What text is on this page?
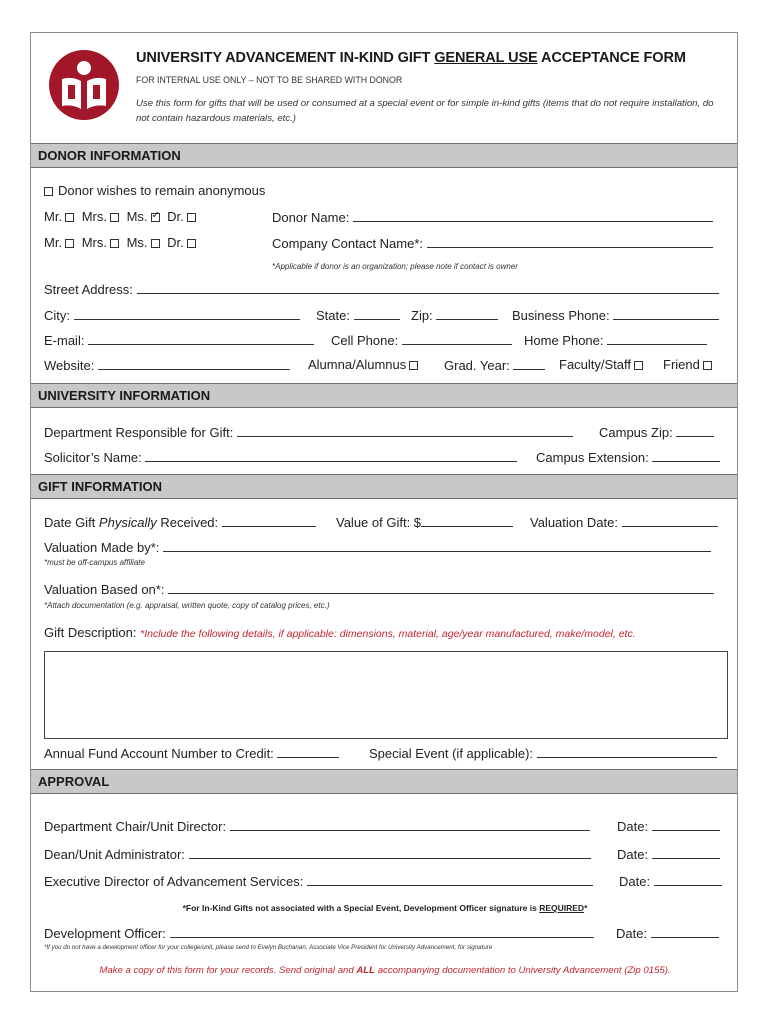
UNIVERSITY ADVANCEMENT IN-KIND GIFT GENERAL USE ACCEPTANCE FORM
FOR INTERNAL USE ONLY – NOT TO BE SHARED WITH DONOR
Use this form for gifts that will be used or consumed at a special event or for simple in-kind gifts (items that do not require installation, do not contain hazardous materials, etc.)
DONOR INFORMATION
Donor wishes to remain anonymous
Mr. Mrs. Ms. ✓ Dr.	Donor Name:
Mr. Mrs. Ms. Dr.	Company Contact Name*:
*Applicable if donor is an organization; please note if contact is owner
Street Address:
City:	State:	Zip:	Business Phone:
E-mail:	Cell Phone:	Home Phone:
Website:	Alumna/Alumnus	Grad. Year:	Faculty/Staff	Friend
UNIVERSITY INFORMATION
Department Responsible for Gift:	Campus Zip:
Solicitor’s Name:	Campus Extension:
GIFT INFORMATION
Date Gift Physically Received:	Value of Gift: $	Valuation Date:
Valuation Made by*:
*must be off-campus affiliate
Valuation Based on*:
*Attach documentation (e.g. appraisal, written quote, copy of catalog prices, etc.)
Gift Description: *Include the following details, if applicable: dimensions, material, age/year manufactured, make/model, etc.
Annual Fund Account Number to Credit:	Special Event (if applicable):
APPROVAL
Department Chair/Unit Director:	Date:
Dean/Unit Administrator:	Date:
Executive Director of Advancement Services:	Date:
*For In-Kind Gifts not associated with a Special Event, Development Officer signature is REQUIRED*
Development Officer:	Date:
*If you do not have a development officer for your college/unit, please send to Evelyn Buchanan, Associate Vice President for University Advancement, for signature
Make a copy of this form for your records. Send original and ALL accompanying documentation to University Advancement (Zip 0155).
